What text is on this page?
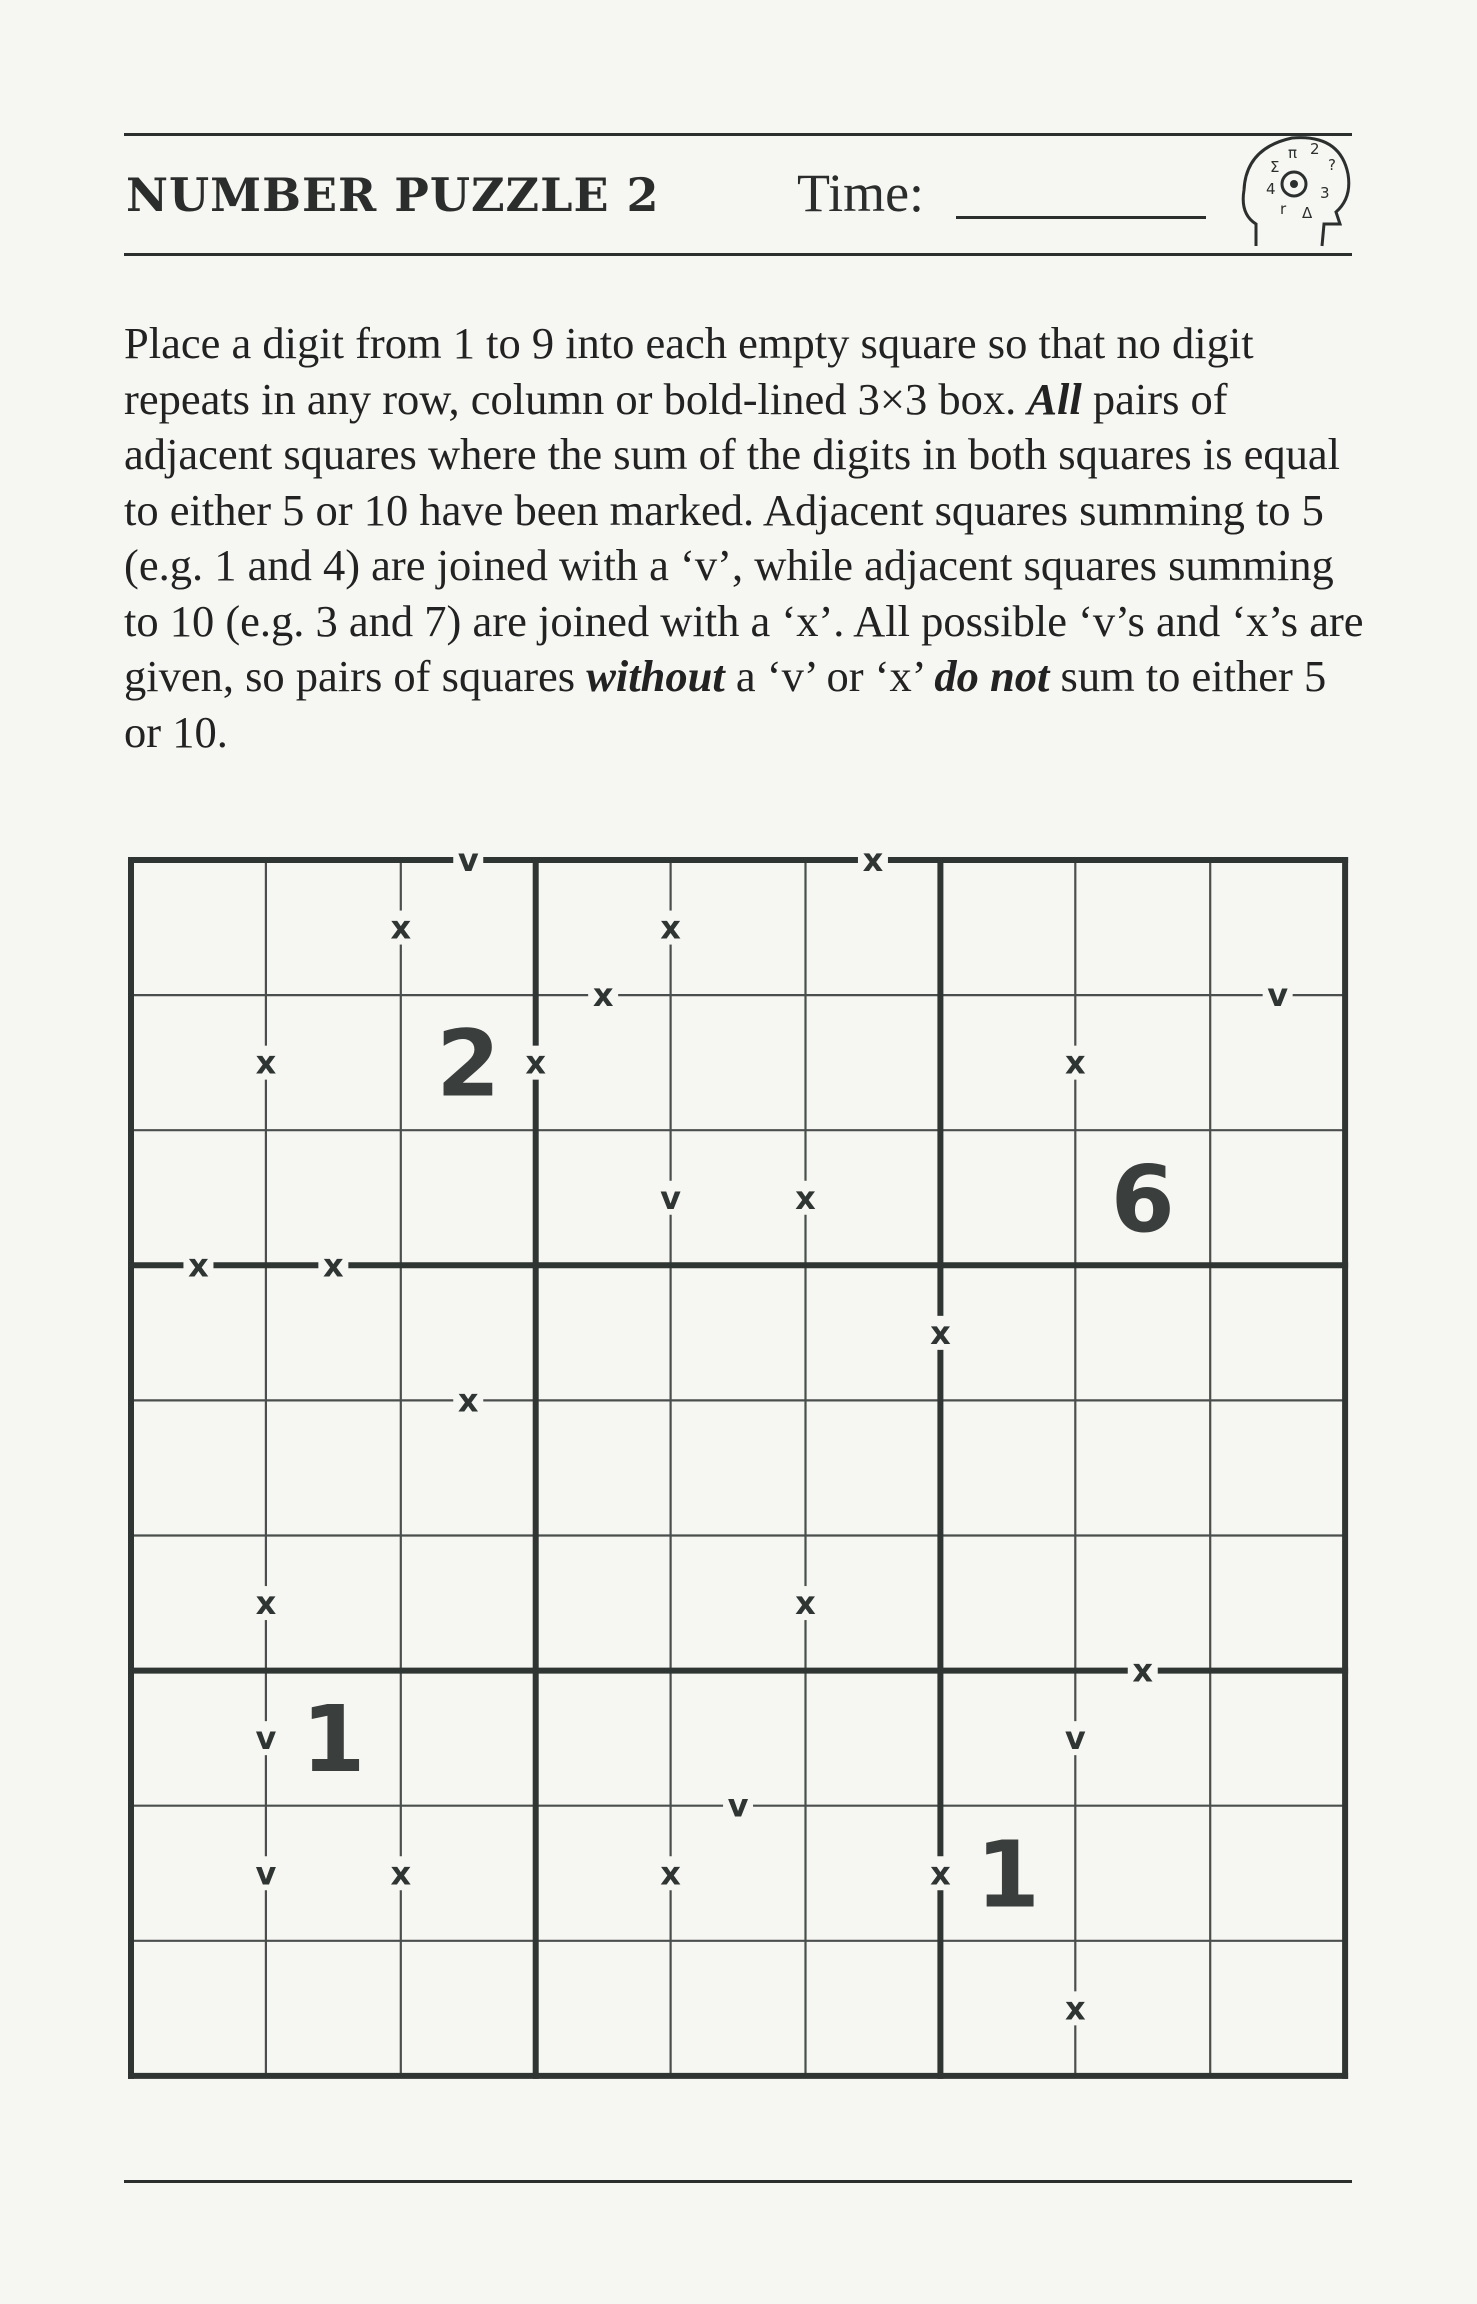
NUMBER PUZZLE 2	Time:
π 2 Σ	? 4	3 r Δ

Place a digit from 1 to 9 into each empty square so that no digit repeats in any row, column or bold-lined 3×3 box. All pairs of adjacent squares where the sum of the digits in both squares is equal to either 5 or 10 have been marked. Adjacent squares summing to 5 (e.g. 1 and 4) are joined with a ‘v’, while adjacent squares summing to 10 (e.g. 3 and 7) are joined with a ‘x’. All possible ‘v’s and ‘x’s are given, so pairs of squares without a ‘v’ or ‘x’ do not sum to either 5 or 10.

x	x
v	x
x	x	x
x	v
v	x
x
x	x
x
x	x
v	v
x
v	x	x	x
v
x
2
6
1
1
